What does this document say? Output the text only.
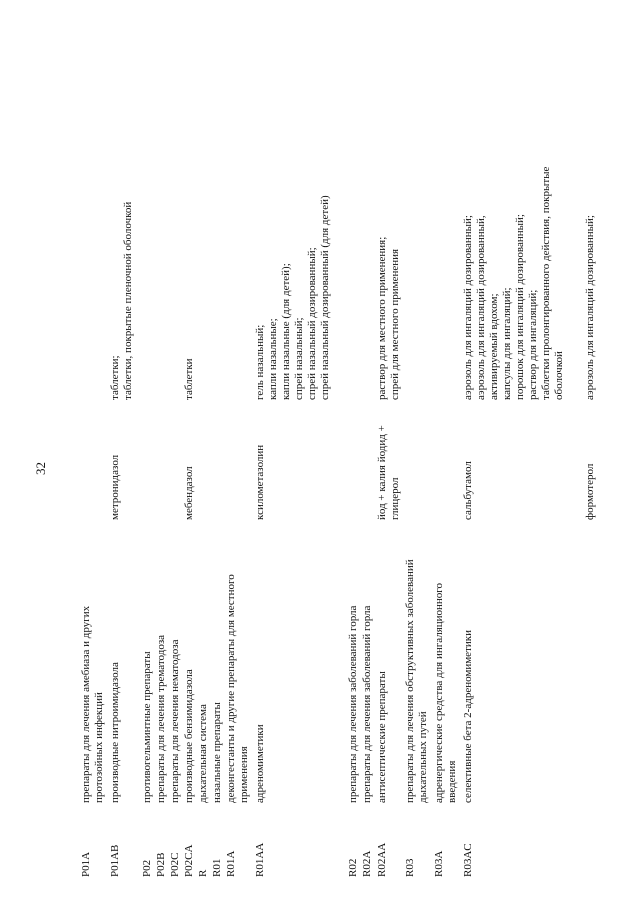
32
P01A
препараты для лечения амебиаза и других протозойных инфекций
P01AB
производные нитроимидазола
метронидазол
таблетки; таблетки, покрытые пленочной оболочкой
P02
противогельминтные препараты
P02B
препараты для лечения трематодоза
P02C
препараты для лечения нематодоза
P02CA
производные бензимидазола
мебендазол
таблетки
R
дыхательная система
R01
назальные препараты
R01A
деконгестанты и другие препараты для местного применения
R01AA
адреномиметики
ксилометазолин
гель назальный; капли назальные; капли назальные (для детей); спрей назальный; спрей назальный дозированный; спрей назальный дозированный (для детей)
R02
препараты для лечения заболеваний горла
R02A
препараты для лечения заболеваний горла
R02AA
антисептические препараты
йод + калия йодид + глицерол
раствор для местного применения; спрей для местного применения
R03
препараты для лечения обструктивных заболеваний дыхательных путей
R03A
адренергические средства для ингаляционного введения
R03AC
селективные бета 2-адреномиметики
сальбутамол
аэрозоль для ингаляций дозированный; аэрозоль для ингаляций дозированный, активируемый вдохом; капсулы для ингаляций; порошок для ингаляций дозированный; раствор для ингаляций; таблетки пролонгированного действия, покрытые оболочкой
формотерол
аэрозоль для ингаляций дозированный;
